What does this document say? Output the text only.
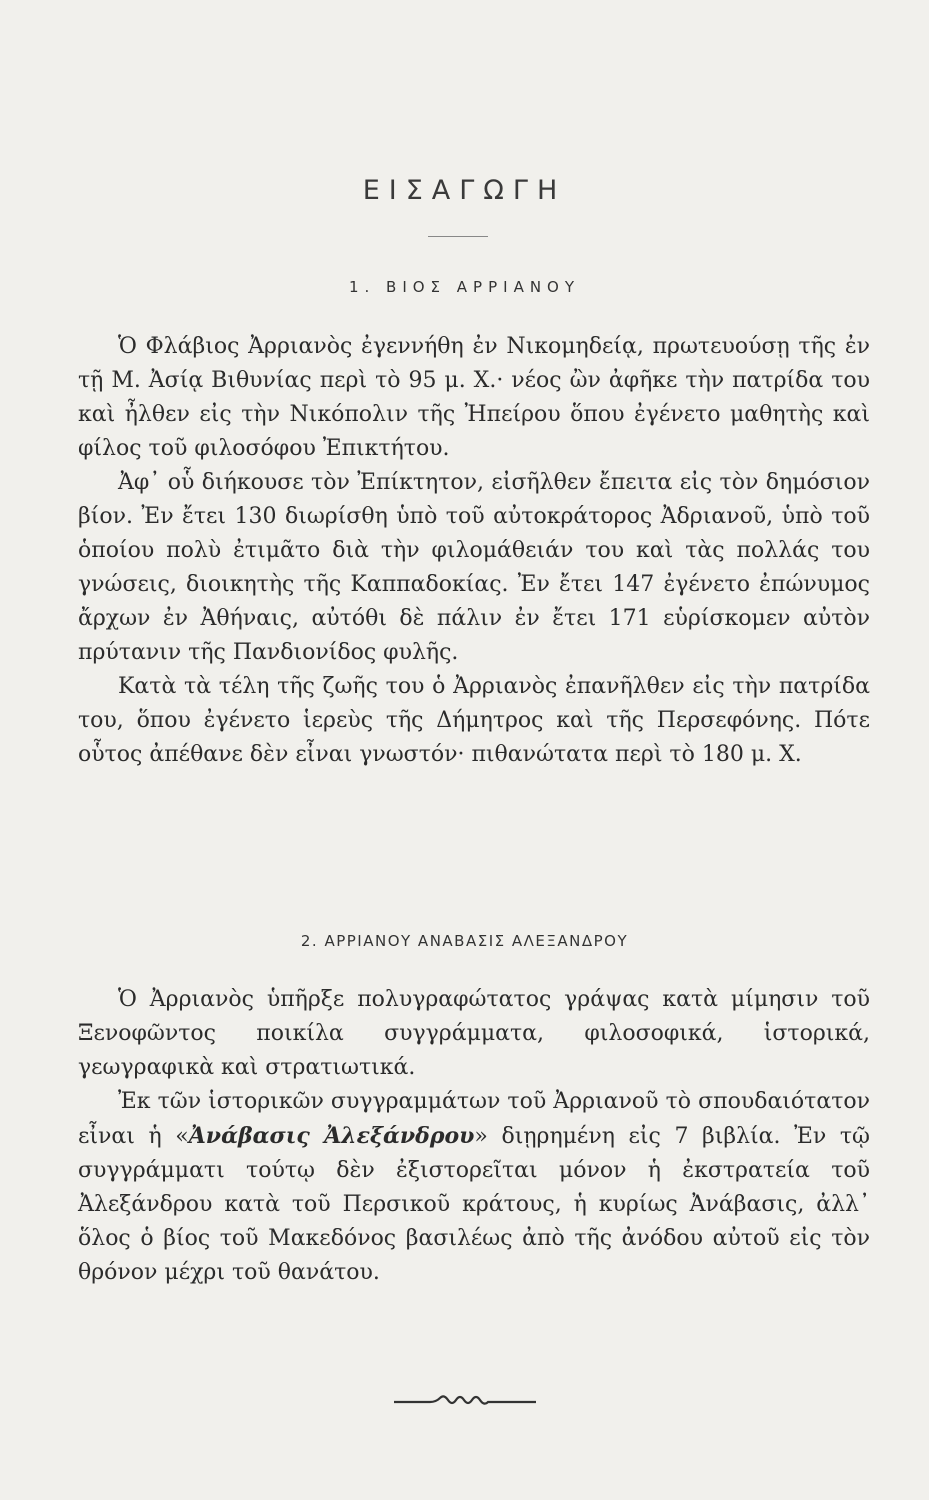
ΕΙΣΑΓΩΓΗ
1. ΒΙΟΣ ΑΡΡΙΑΝΟΥ

Ὁ Φλάβιος Ἀρριανὸς ἐγεννήθη ἐν Νικομηδείᾳ, πρωτευούσῃ τῆς ἐν τῇ Μ. Ἀσίᾳ Βιθυνίας περὶ τὸ 95 μ. Χ.· νέος ὢν ἀφῆκε τὴν πατρίδα του καὶ ἦλθεν εἰς τὴν Νικόπολιν τῆς Ἠπείρου ὅπου ἐγένετο μαθητὴς καὶ φίλος τοῦ φιλοσόφου Ἐπικτήτου.

Ἀφ᾿ οὗ διήκουσε τὸν Ἐπίκτητον, εἰσῆλθεν ἔπειτα εἰς τὸν δημόσιον βίον. Ἐν ἔτει 130 διωρίσθη ὑπὸ τοῦ αὐτοκράτορος Ἀδριανοῦ, ὑπὸ τοῦ ὁποίου πολὺ ἐτιμᾶτο διὰ τὴν φιλομάθειάν του καὶ τὰς πολλάς του γνώσεις, διοικητὴς τῆς Καππαδοκίας. Ἐν ἔτει 147 ἐγένετο ἐπώνυμος ἄρχων ἐν Ἀθήναις, αὐτόθι δὲ πάλιν ἐν ἔτει 171 εὑρίσκομεν αὐτὸν πρύτανιν τῆς Πανδιονίδος φυλῆς.

Κατὰ τὰ τέλη τῆς ζωῆς του ὁ Ἀρριανὸς ἐπανῆλθεν εἰς τὴν πατρίδα του, ὅπου ἐγένετο ἱερεὺς τῆς Δήμητρος καὶ τῆς Περσεφόνης. Πότε οὗτος ἀπέθανε δὲν εἶναι γνωστόν· πιθανώτατα περὶ τὸ 180 μ. Χ.

2. ΑΡΡΙΑΝΟΥ ΑΝΑΒΑΣΙΣ ΑΛΕΞΑΝΔΡΟΥ

Ὁ Ἀρριανὸς ὑπῆρξε πολυγραφώτατος γράψας κατὰ μίμησιν τοῦ Ξενοφῶντος ποικίλα συγγράμματα, φιλοσοφικά, ἱστορικά, γεωγραφικὰ καὶ στρατιωτικά.

Ἐκ τῶν ἱστορικῶν συγγραμμάτων τοῦ Ἀρριανοῦ τὸ σπουδαιότατον εἶναι ἡ «Ἀνάβασις Ἀλεξάνδρου» διῃρημένη εἰς 7 βιβλία. Ἐν τῷ συγγράμματι τούτῳ δὲν ἐξιστορεῖται μόνον ἡ ἐκστρατεία τοῦ Ἀλεξάνδρου κατὰ τοῦ Περσικοῦ κράτους, ἡ κυρίως Ἀνάβασις, ἀλλ᾿ ὅλος ὁ βίος τοῦ Μακεδόνος βασιλέως ἀπὸ τῆς ἀνόδου αὐτοῦ εἰς τὸν θρόνον μέχρι τοῦ θανάτου.
